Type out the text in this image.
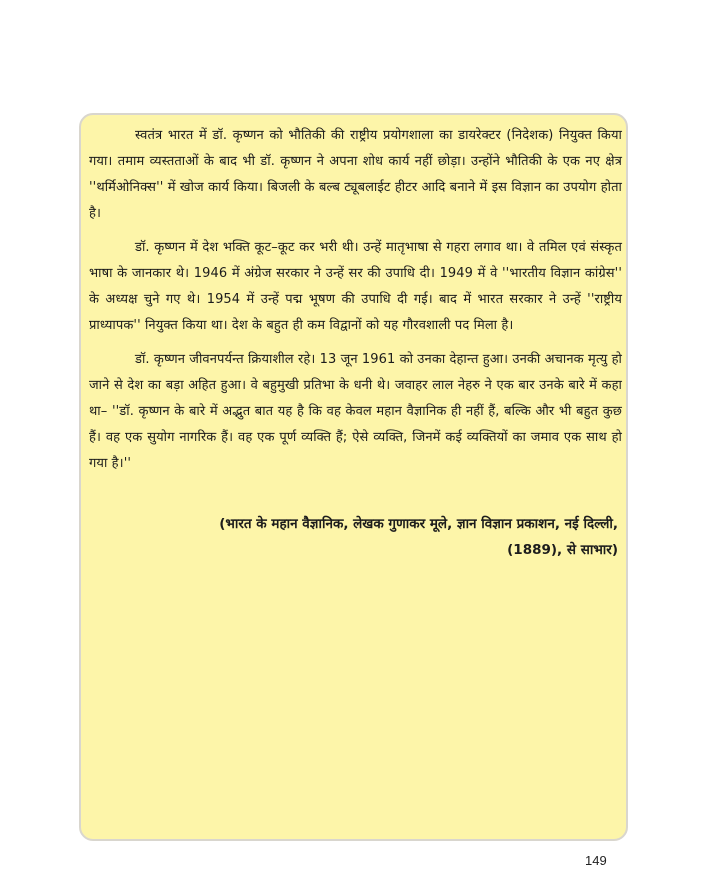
स्वतंत्र भारत में डॉ. कृष्णन को भौतिकी की राष्ट्रीय प्रयोगशाला का डायरेक्टर (निदेशक) नियुक्त किया गया। तमाम व्यस्तताओं के बाद भी डॉ. कृष्णन ने अपना शोध कार्य नहीं छोड़ा। उन्होंने भौतिकी के एक नए क्षेत्र ''थर्मिओनिक्स'' में खोज कार्य किया। बिजली के बल्ब ट्यूबलाईट हीटर आदि बनाने में इस विज्ञान का उपयोग होता है।

डॉ. कृष्णन में देश भक्ति कूट–कूट कर भरी थी। उन्हें मातृभाषा से गहरा लगाव था। वे तमिल एवं संस्कृत भाषा के जानकार थे। 1946 में अंग्रेज सरकार ने उन्हें सर की उपाधि दी। 1949 में वे ''भारतीय विज्ञान कांग्रेस'' के अध्यक्ष चुने गए थे। 1954 में उन्हें पद्म भूषण की उपाधि दी गई। बाद में भारत सरकार ने उन्हें ''राष्ट्रीय प्राध्यापक'' नियुक्त किया था। देश के बहुत ही कम विद्वानों को यह गौरवशाली पद मिला है।

डॉ. कृष्णन जीवनपर्यन्त क्रियाशील रहे। 13 जून 1961 को उनका देहान्त हुआ। उनकी अचानक मृत्यु हो जाने से देश का बड़ा अहित हुआ। वे बहुमुखी प्रतिभा के धनी थे। जवाहर लाल नेहरु ने एक बार उनके बारे में कहा था– ''डॉ. कृष्णन के बारे में अद्भुत बात यह है कि वह केवल महान वैज्ञानिक ही नहीं हैं, बल्कि और भी बहुत कुछ हैं। वह एक सुयोग नागरिक हैं। वह एक पूर्ण व्यक्ति हैं; ऐसे व्यक्ति, जिनमें कई व्यक्तियों का जमाव एक साथ हो गया है।''

(भारत के महान वैज्ञानिक, लेखक गुणाकर मूले, ज्ञान विज्ञान प्रकाशन, नई दिल्ली,
(1889), से साभार)
149
